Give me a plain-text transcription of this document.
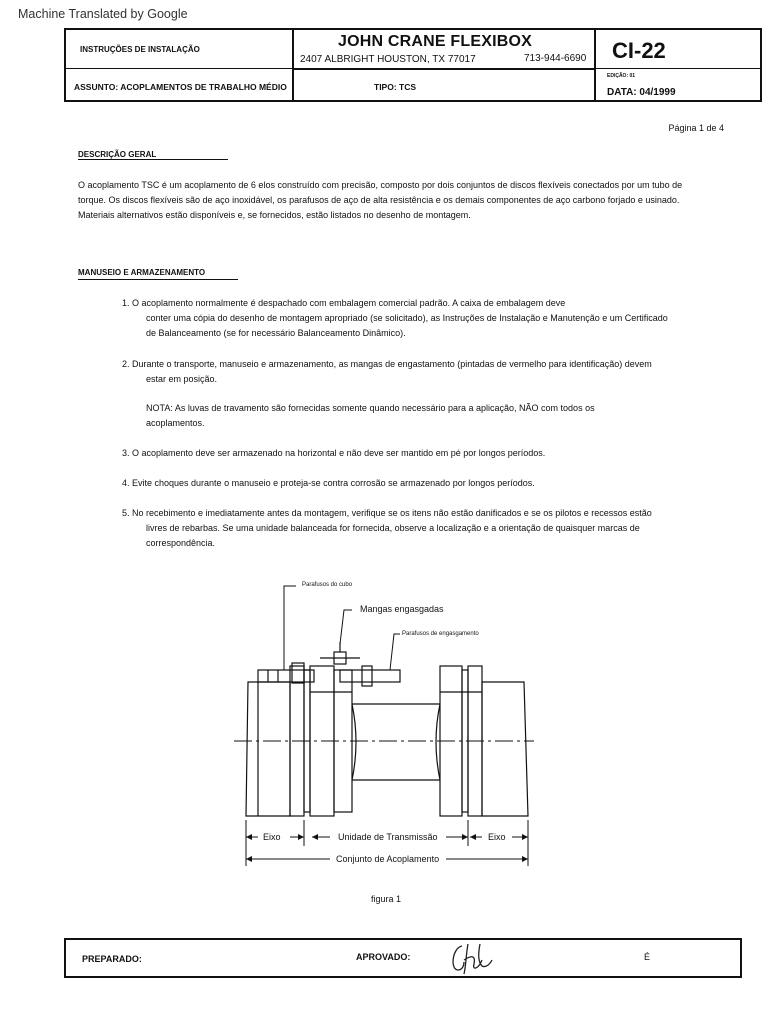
Machine Translated by Google
INSTRUÇÕES DE INSTALAÇÃO	JOHN CRANE FLEXIBOX
2407 ALBRIGHT HOUSTON, TX 77017	713-944-6690 CI-22
ASSUNTO: ACOPLAMENTOS DE TRABALHO MÉDIO	TIPO: TCS
EDIÇÃO: 01
DATA: 04/1999
Página 1 de 4
DESCRIÇÃO GERAL
O acoplamento TSC é um acoplamento de 6 elos construído com precisão, composto por dois conjuntos de discos flexíveis conectados por um tubo de
torque. Os discos flexíveis são de aço inoxidável, os parafusos de aço de alta resistência e os demais componentes de aço carbono forjado e usinado.
Materiais alternativos estão disponíveis e, se fornecidos, estão listados no desenho de montagem.
MANUSEIO E ARMAZENAMENTO
1. O acoplamento normalmente é despachado com embalagem comercial padrão. A caixa de embalagem deve
conter uma cópia do desenho de montagem apropriado (se solicitado), as Instruções de Instalação e Manutenção e um Certificado
de Balanceamento (se for necessário Balanceamento Dinâmico).
2. Durante o transporte, manuseio e armazenamento, as mangas de engastamento (pintadas de vermelho para identificação) devem
estar em posição.
NOTA: As luvas de travamento são fornecidas somente quando necessário para a aplicação, NÃO com todos os
acoplamentos.
3. O acoplamento deve ser armazenado na horizontal e não deve ser mantido em pé por longos períodos.
4. Evite choques durante o manuseio e proteja-se contra corrosão se armazenado por longos períodos.
5. No recebimento e imediatamente antes da montagem, verifique se os itens não estão danificados e se os pilotos e recessos estão
livres de rebarbas. Se uma unidade balanceada for fornecida, observe a localização e a orientação de quaisquer marcas de
correspondência.
Parafusos do cubo
Mangas engasgadas
Parafusos de engasgamento
Eixo	Unidade de Transmissão	Eixo
Conjunto de Acoplamento
figura 1
PREPARADO:	APROVADO:	É
